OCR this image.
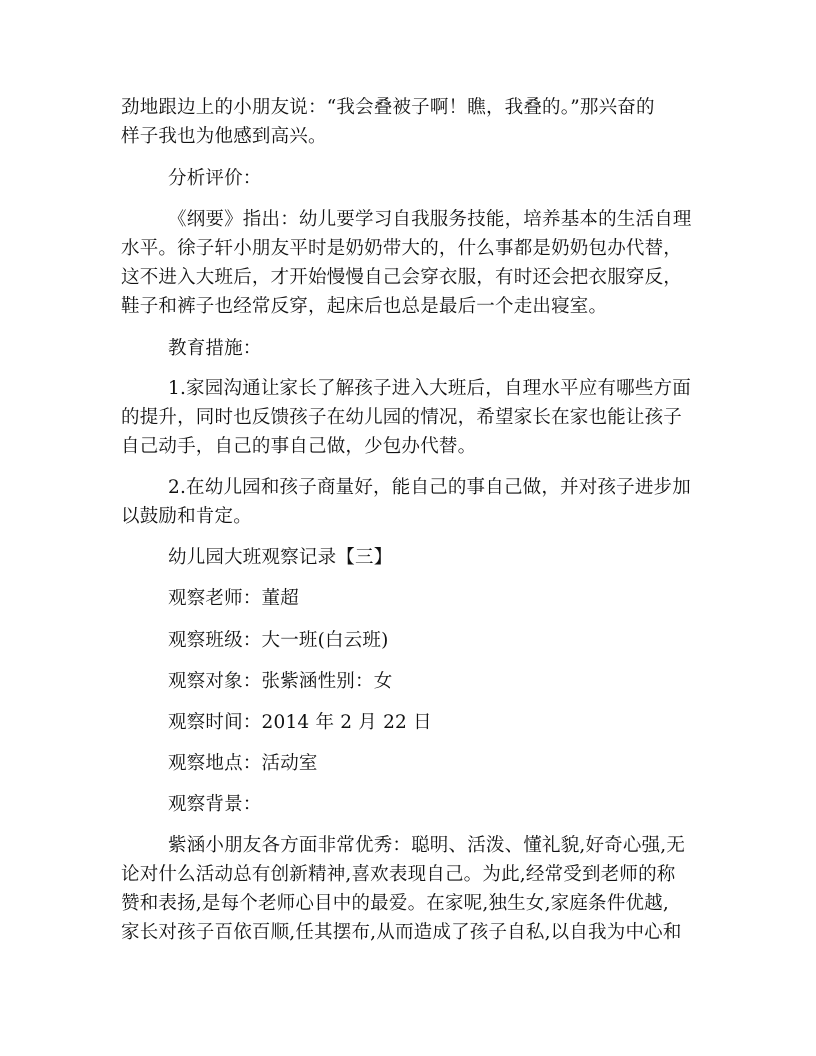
劲地跟边上的小朋友说：“我会叠被子啊！瞧，我叠的。”那兴奋的
样子我也为他感到高兴。
分析评价：
《纲要》指出：幼儿要学习自我服务技能，培养基本的生活自理
水平。徐子轩小朋友平时是奶奶带大的，什么事都是奶奶包办代替，
这不进入大班后，才开始慢慢自己会穿衣服，有时还会把衣服穿反，
鞋子和裤子也经常反穿，起床后也总是最后一个走出寝室。
教育措施：
1.家园沟通让家长了解孩子进入大班后，自理水平应有哪些方面
的提升，同时也反馈孩子在幼儿园的情况，希望家长在家也能让孩子
自己动手，自己的事自己做，少包办代替。
2.在幼儿园和孩子商量好，能自己的事自己做，并对孩子进步加
以鼓励和肯定。
幼儿园大班观察记录【三】
观察老师：董超
观察班级：大一班(白云班)
观察对象：张紫涵性别：女
观察时间：2014 年 2 月 22 日
观察地点：活动室
观察背景：
紫涵小朋友各方面非常优秀：聪明、活泼、懂礼貌,好奇心强,无
论对什么活动总有创新精神,喜欢表现自己。为此,经常受到老师的称
赞和表扬,是每个老师心目中的最爱。在家呢,独生女,家庭条件优越,
家长对孩子百依百顺,任其摆布,从而造成了孩子自私,以自我为中心和
